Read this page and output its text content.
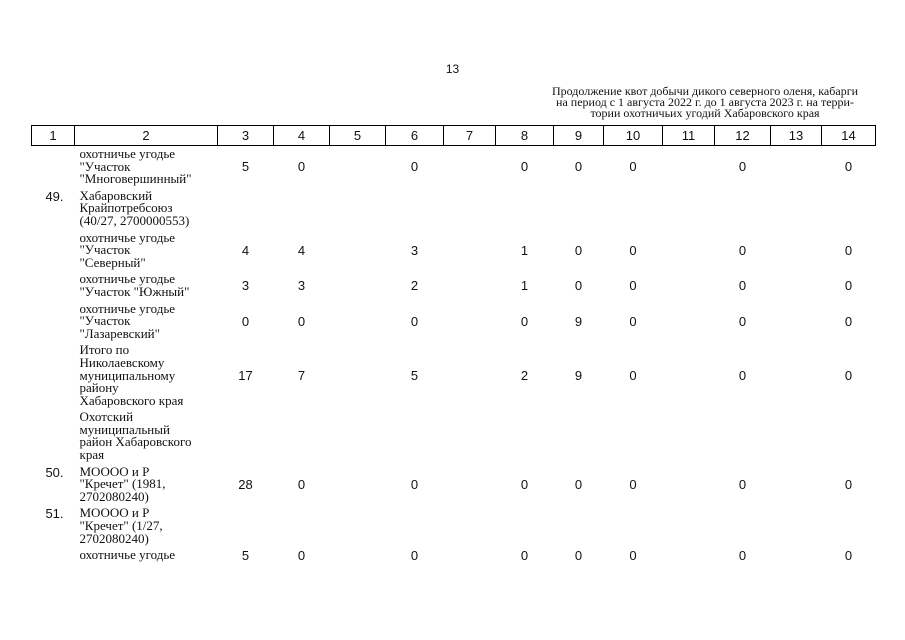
13
Продолжение квот добычи дикого северного оленя, кабарги
на период с 1 августа 2022 г. до 1 августа 2023 г. на терри-
тории охотничьих угодий Хабаровского края
1	2	3	4	5	6	7	8	9	10	11	12	13	14
	охотничье угодье
"Участок
"Многовершинный"	5	0		0		0	0	0		0		0
49.	Хабаровский
Крайпотребсоюз
(40/27, 2700000553)												
	охотничье угодье
"Участок
"Северный"	4	4		3		1	0	0		0		0
	охотничье угодье
"Участок "Южный"	3	3		2		1	0	0		0		0
	охотничье угодье
"Участок
"Лазаревский"	0	0		0		0	9	0		0		0
	Итого по
Николаевскому
муниципальному
району
Хабаровского края	17	7		5		2	9	0		0		0
	Охотский
муниципальный
район Хабаровского
края												
50.	МОООО и Р
"Кречет" (1981,
2702080240)	28	0		0		0	0	0		0		0
51.	МОООО и Р
"Кречет" (1/27,
2702080240)												
	охотничье угодье	5	0		0		0	0	0		0		0
